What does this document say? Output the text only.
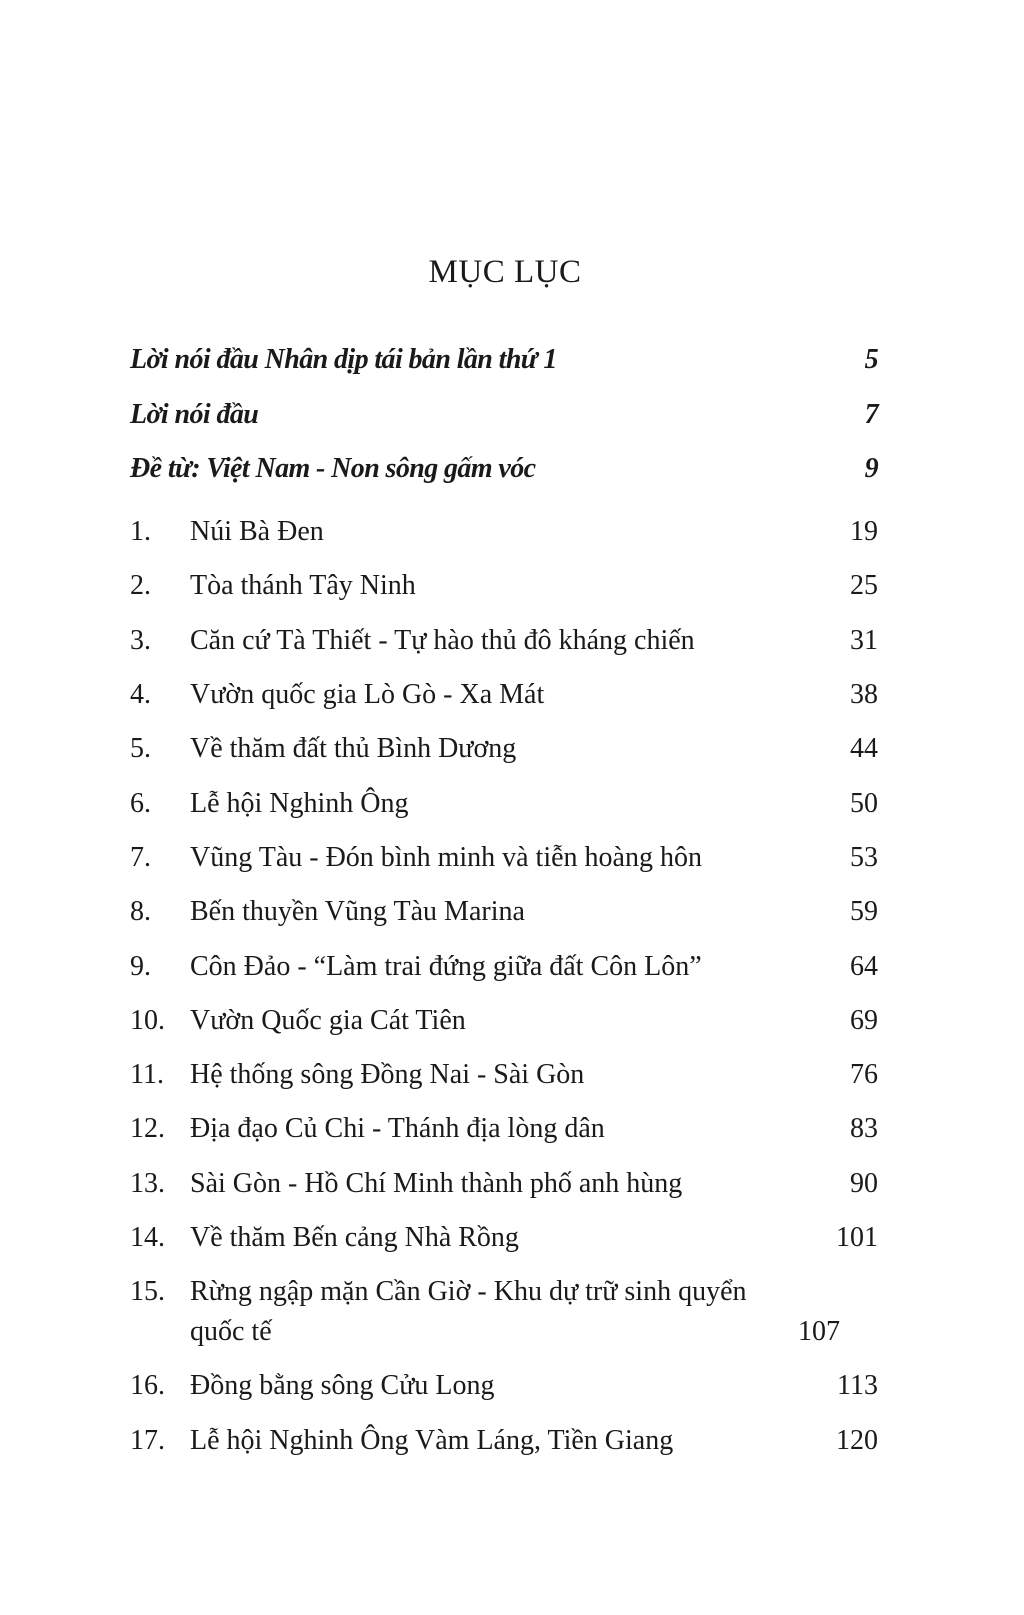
MỤC LỤC
Lời nói đầu Nhân dịp tái bản lần thứ 1	5
Lời nói đầu	7
Đề từ: Việt Nam - Non sông gấm vóc	9
1.	Núi Bà Đen	19
2.	Tòa thánh Tây Ninh	25
3.	Căn cứ Tà Thiết - Tự hào thủ đô kháng chiến	31
4.	Vườn quốc gia Lò Gò - Xa Mát	38
5.	Về thăm đất thủ Bình Dương	44
6.	Lễ hội Nghinh Ông	50
7.	Vũng Tàu - Đón bình minh và tiễn hoàng hôn	53
8.	Bến thuyền Vũng Tàu Marina	59
9.	Côn Đảo - “Làm trai đứng giữa đất Côn Lôn”	64
10. Vườn Quốc gia Cát Tiên	69
11. Hệ thống sông Đồng Nai - Sài Gòn	76
12. Địa đạo Củ Chi - Thánh địa lòng dân	83
13. Sài Gòn - Hồ Chí Minh thành phố anh hùng	90
14. Về thăm Bến cảng Nhà Rồng	101
15. Rừng ngập mặn Cần Giờ - Khu dự trữ sinh quyển quốc tế	107
16. Đồng bằng sông Cửu Long	113
17. Lễ hội Nghinh Ông Vàm Láng, Tiền Giang	120
